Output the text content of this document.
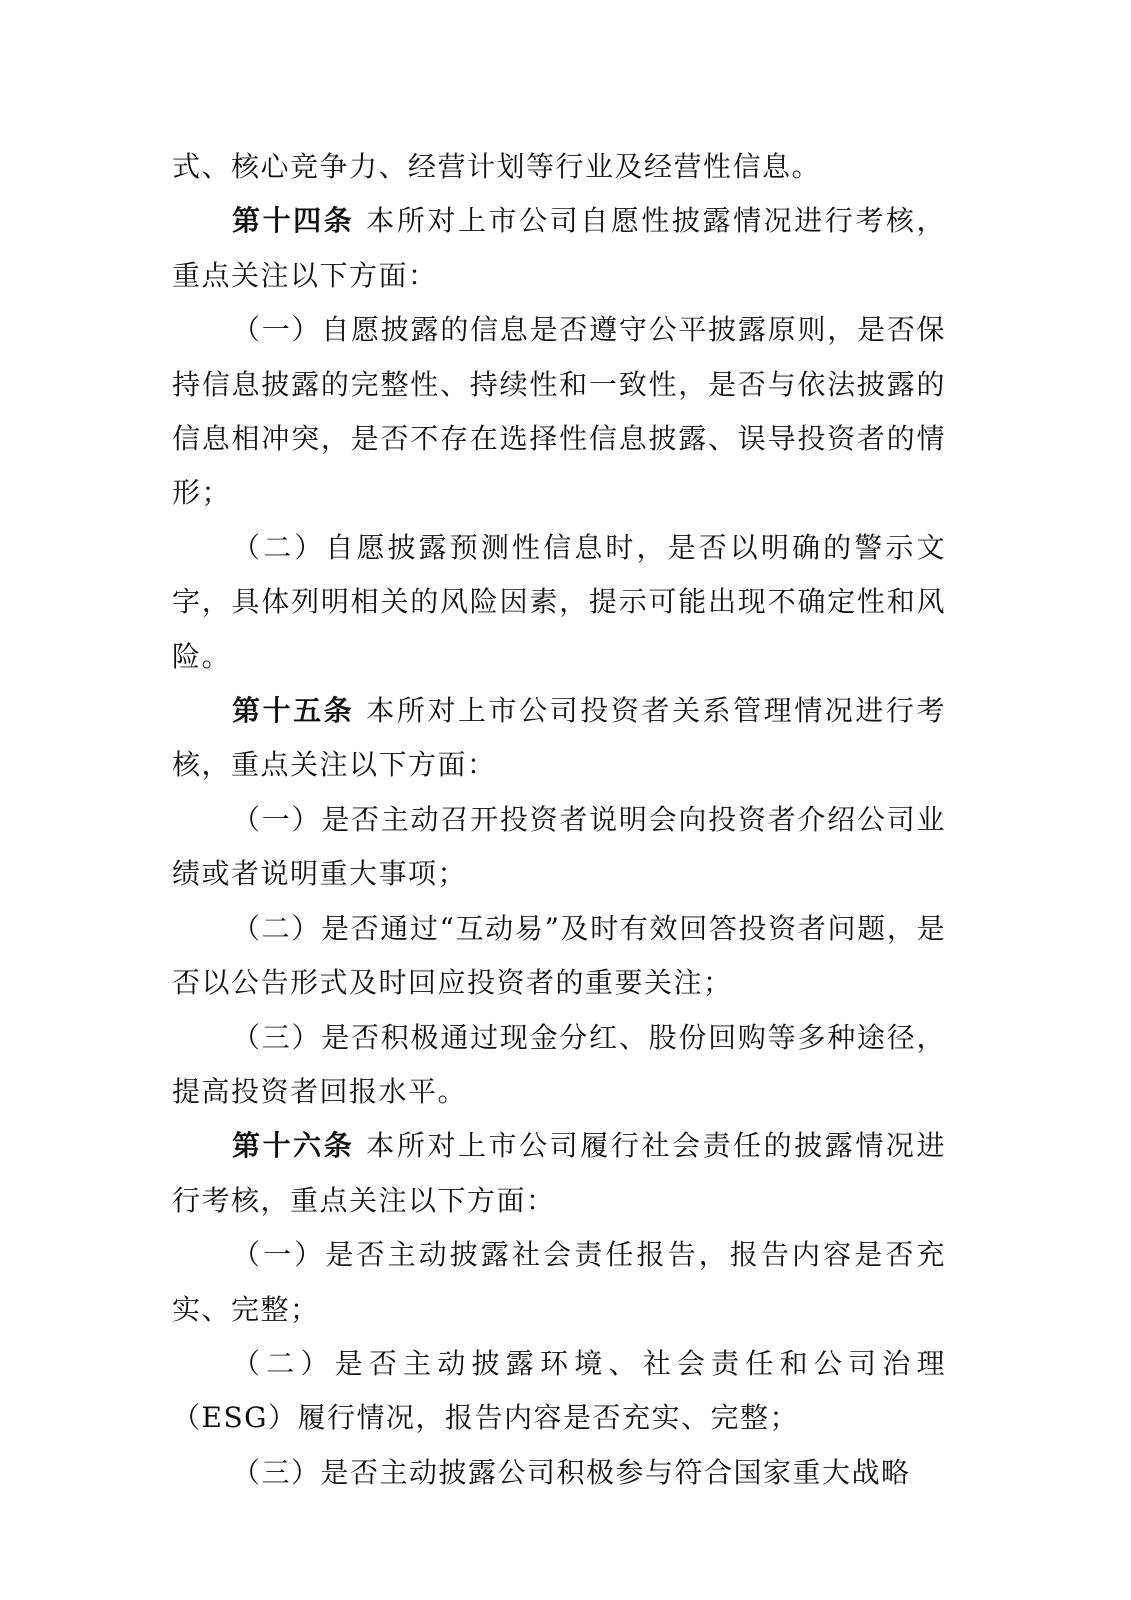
式、核心竞争力、经营计划等行业及经营性信息。

第十四条 本所对上市公司自愿性披露情况进行考核，重点关注以下方面：

（一）自愿披露的信息是否遵守公平披露原则，是否保持信息披露的完整性、持续性和一致性，是否与依法披露的信息相冲突，是否不存在选择性信息披露、误导投资者的情形；

（二）自愿披露预测性信息时，是否以明确的警示文字，具体列明相关的风险因素，提示可能出现不确定性和风险。

第十五条 本所对上市公司投资者关系管理情况进行考核，重点关注以下方面：

（一）是否主动召开投资者说明会向投资者介绍公司业绩或者说明重大事项；

（二）是否通过“互动易”及时有效回答投资者问题，是否以公告形式及时回应投资者的重要关注；

（三）是否积极通过现金分红、股份回购等多种途径，提高投资者回报水平。

第十六条 本所对上市公司履行社会责任的披露情况进行考核，重点关注以下方面：

（一）是否主动披露社会责任报告，报告内容是否充实、完整；

（二）是否主动披露环境、社会责任和公司治理（ESG）履行情况，报告内容是否充实、完整；

（三）是否主动披露公司积极参与符合国家重大战略
